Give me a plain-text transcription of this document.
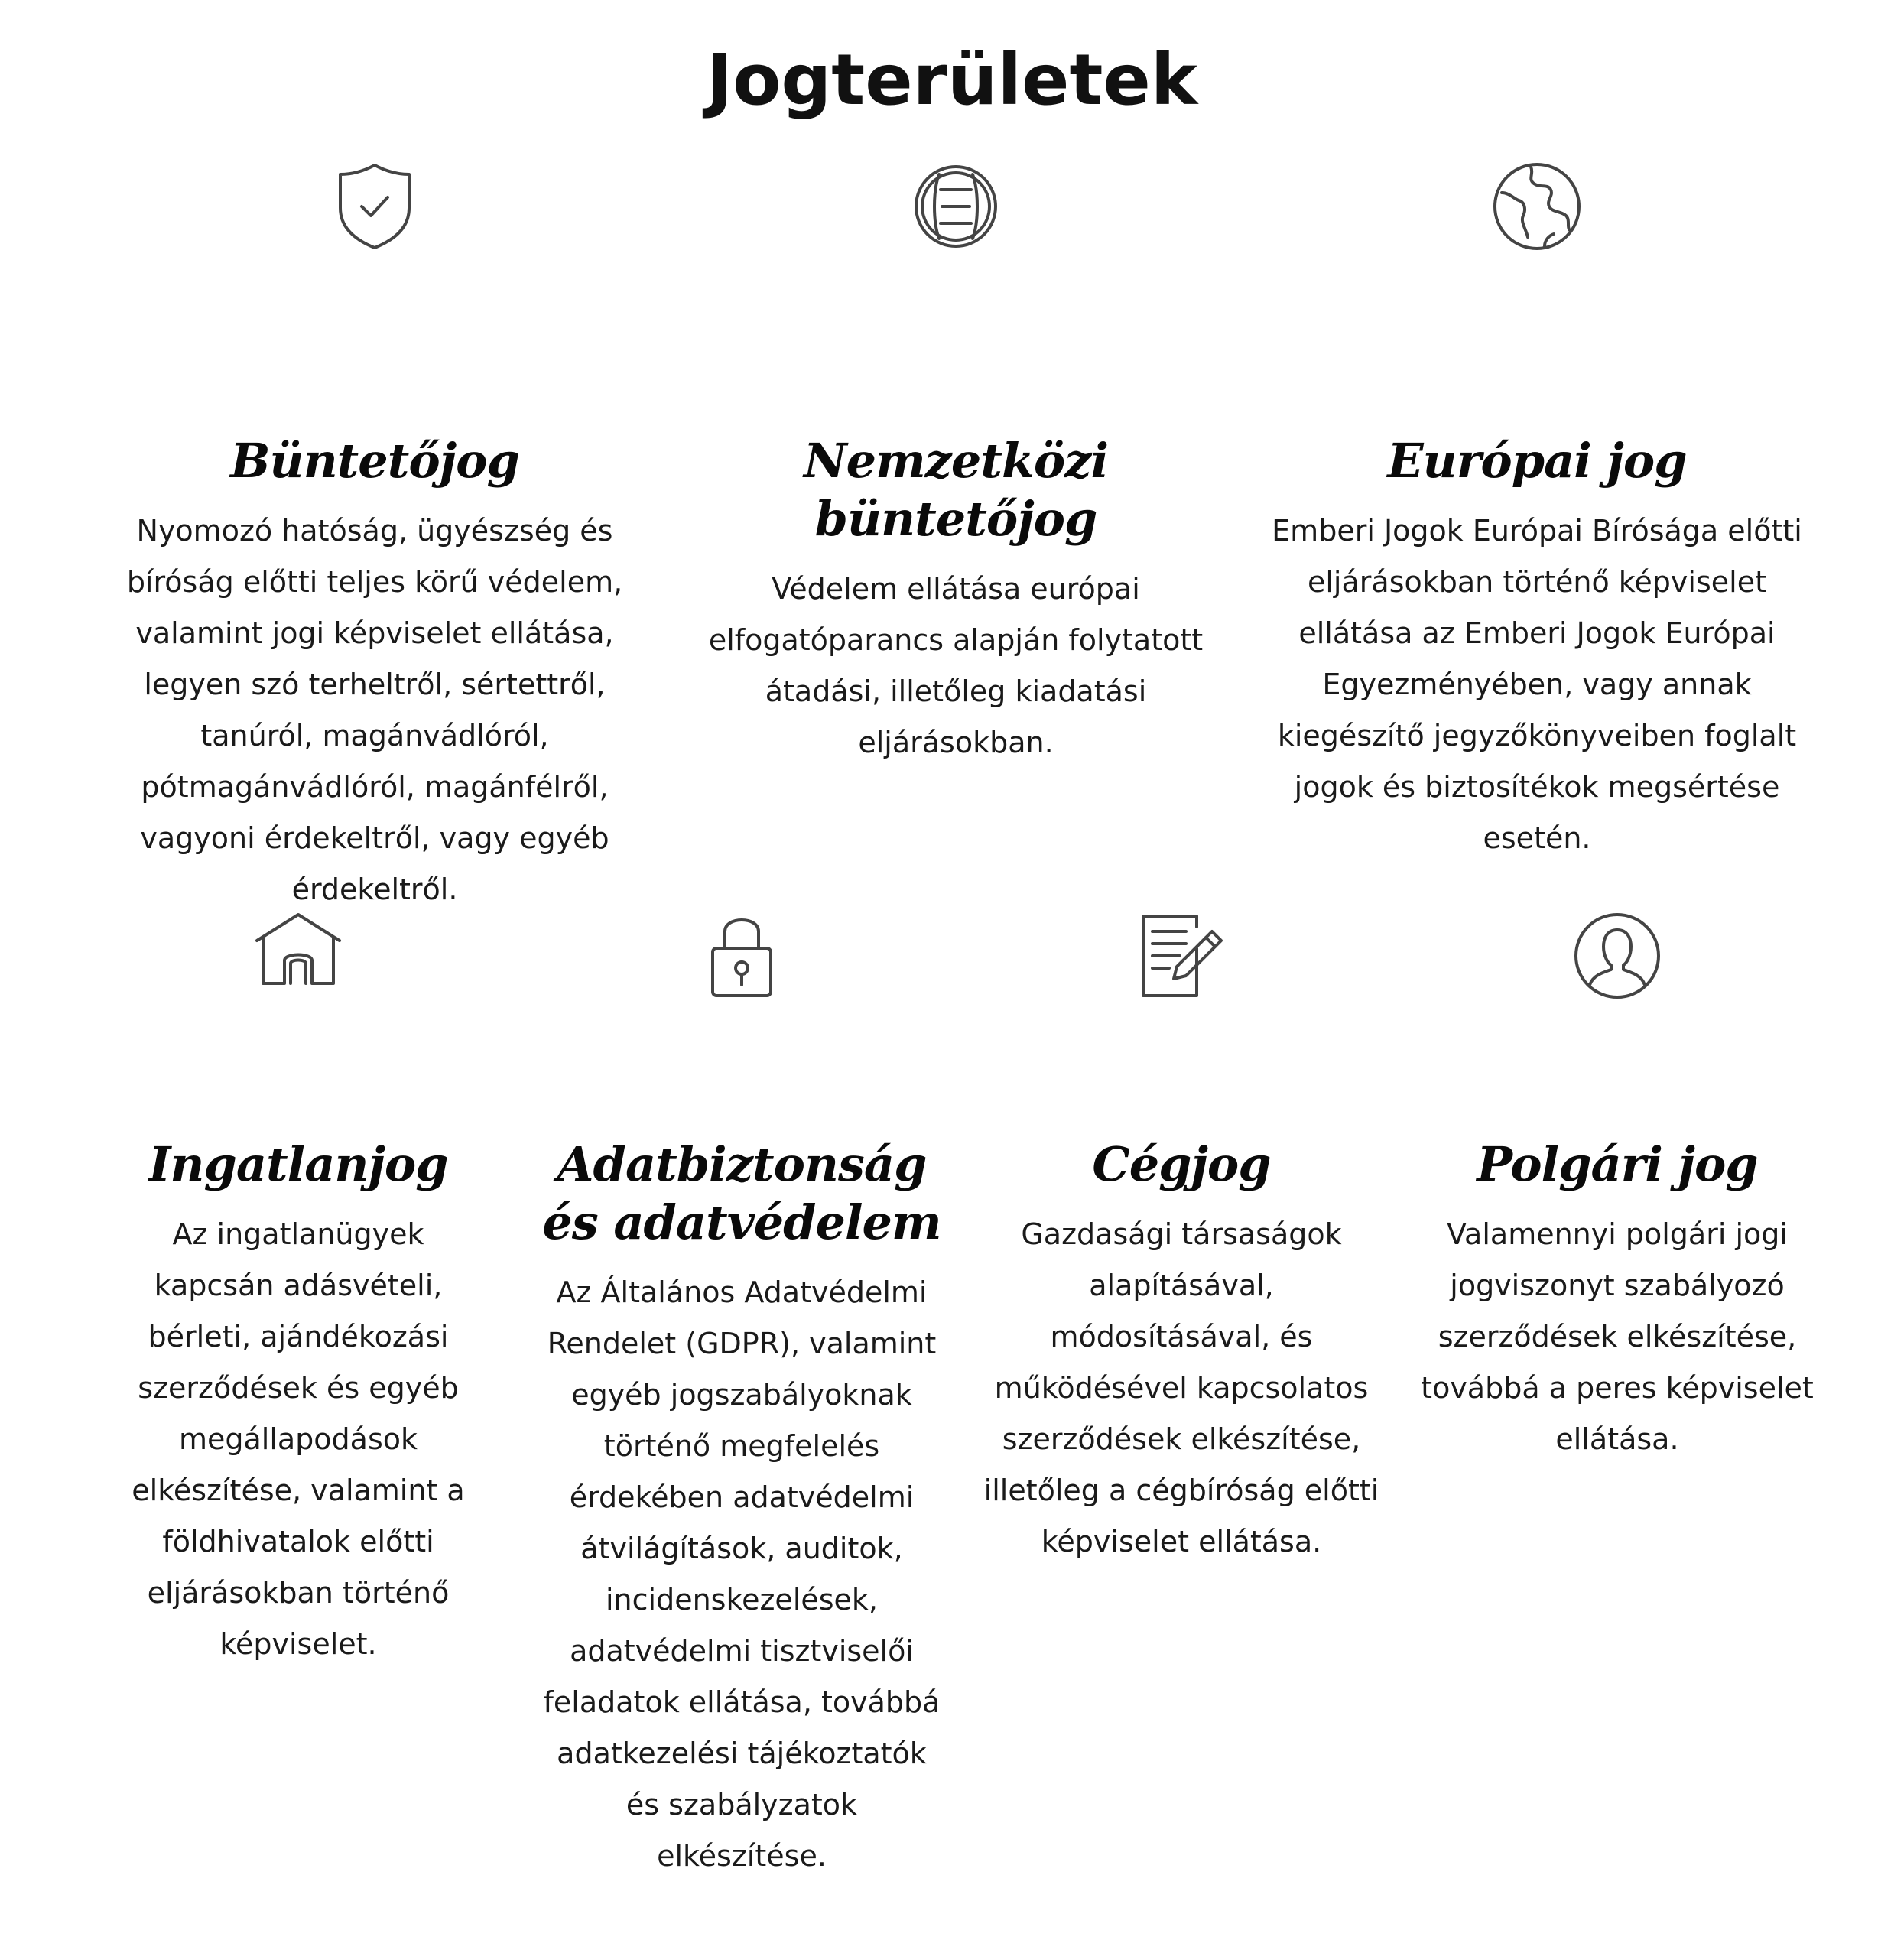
Jogterületek
Büntetőjog

Nyomozó hatóság, ügyészség és bíróság előtti teljes körű védelem, valamint jogi képviselet ellátása, legyen szó terheltről, sértettről, tanúról, magánvádlóról, pótmagánvádlóról, magánfélről, vagyoni érdekeltről, vagy egyéb érdekeltről.

Nemzetközi büntetőjog

Védelem ellátása európai elfogatóparancs alapján folytatott átadási, illetőleg kiadatási eljárásokban.

Európai jog

Emberi Jogok Európai Bírósága előtti eljárásokban történő képviselet ellátása az Emberi Jogok Európai Egyezményében, vagy annak kiegészítő jegyzőkönyveiben foglalt jogok és biztosítékok megsértése esetén.

Ingatlanjog

Az ingatlanügyek kapcsán adásvételi, bérleti, ajándékozási szerződések és egyéb megállapodások elkészítése, valamint a földhivatalok előtti eljárásokban történő képviselet.

Adatbiztonság és adatvédelem

Az Általános Adatvédelmi Rendelet (GDPR), valamint egyéb jogszabályoknak történő megfelelés érdekében adatvédelmi átvilágítások, auditok, incidenskezelések, adatvédelmi tisztviselői feladatok ellátása, továbbá adatkezelési tájékoztatók és szabályzatok elkészítése.

Cégjog

Gazdasági társaságok alapításával, módosításával, és működésével kapcsolatos szerződések elkészítése, illetőleg a cégbíróság előtti képviselet ellátása.

Polgári jog

Valamennyi polgári jogi jogviszonyt szabályozó szerződések elkészítése, továbbá a peres képviselet ellátása.
